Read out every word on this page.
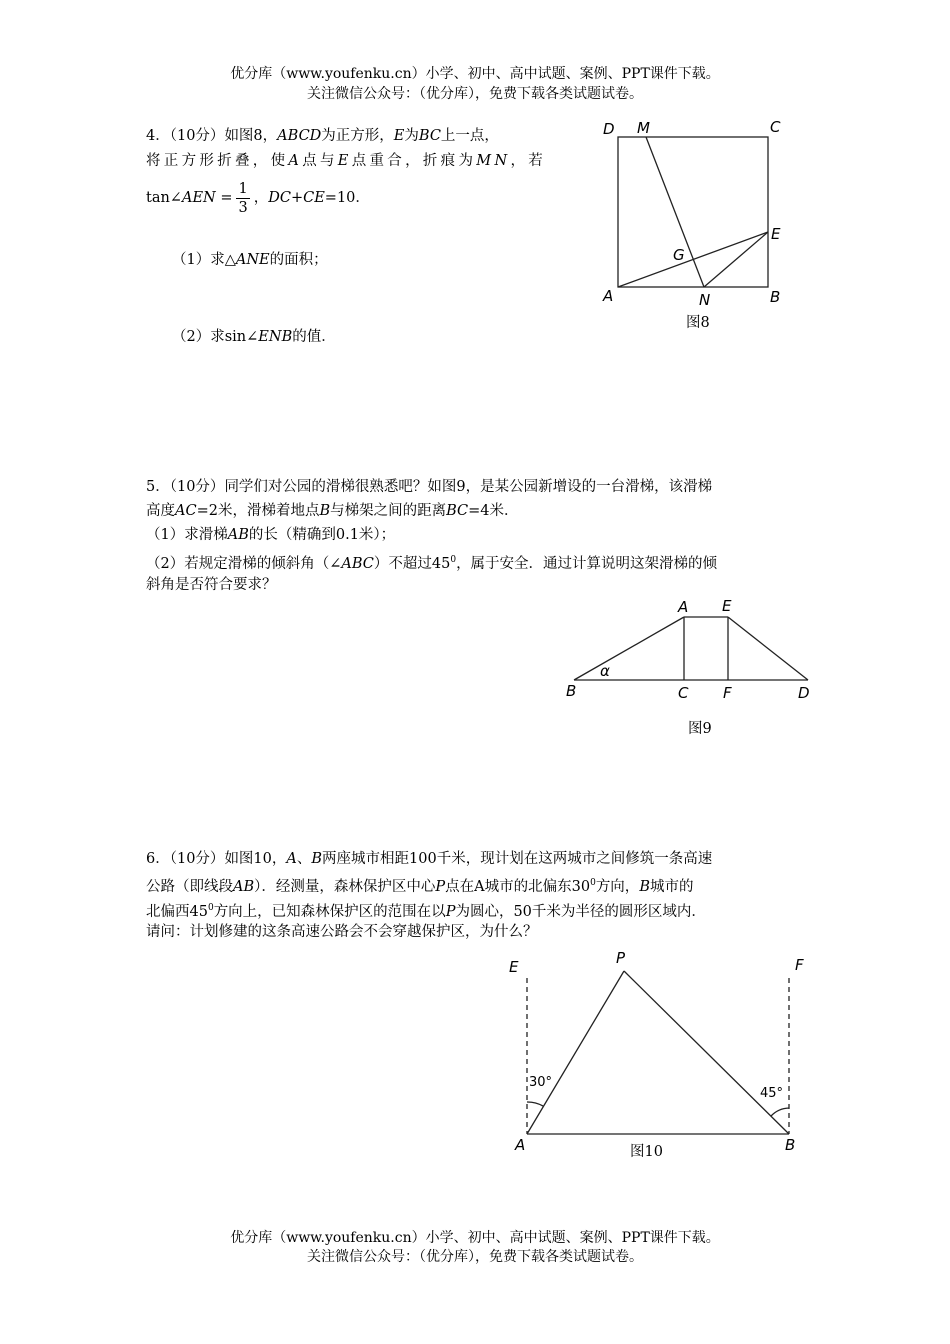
优分库（www.youfenku.cn）小学、初中、高中试题、案例、PPT课件下载。
关注微信公众号：（优分库），免费下载各类试题试卷。
4．（10分）如图8，ABCD为正方形，E为BC上一点，
将正方形折叠，使A点与E点重合，折痕为MN，若
tan∠AEN = $\frac{1}{3}$ ，DC+CE=10．
（1）求△ANE的面积；
（2）求sin∠ENB的值．
D M	C
E
G
A	N	B
图8
5．（10分）同学们对公园的滑梯很熟悉吧？如图9，是某公园新增设的一台滑梯，该滑梯
高度AC=2米，滑梯着地点B与梯架之间的距离BC=4米．
（1）求滑梯AB的长（精确到0.1米）；
（2）若规定滑梯的倾斜角（∠ABC）不超过$45^0$，属于安全．通过计算说明这架滑梯的倾
斜角是否符合要求？
A E
α
B	C F	D
图9
6．（10分）如图10，A、B两座城市相距100千米，现计划在这两城市之间修筑一条高速
公路（即线段AB）．经测量，森林保护区中心P点在A城市的北偏东$30^0$方向，B城市的
北偏西$45^0$方向上，已知森林保护区的范围在以P为圆心，50千米为半径的圆形区域内．
请问：计划修建的这条高速公路会不会穿越保护区，为什么？
E	P	F
30°
45°
A	B
图10
优分库（www.youfenku.cn）小学、初中、高中试题、案例、PPT课件下载。
关注微信公众号：（优分库），免费下载各类试题试卷。
